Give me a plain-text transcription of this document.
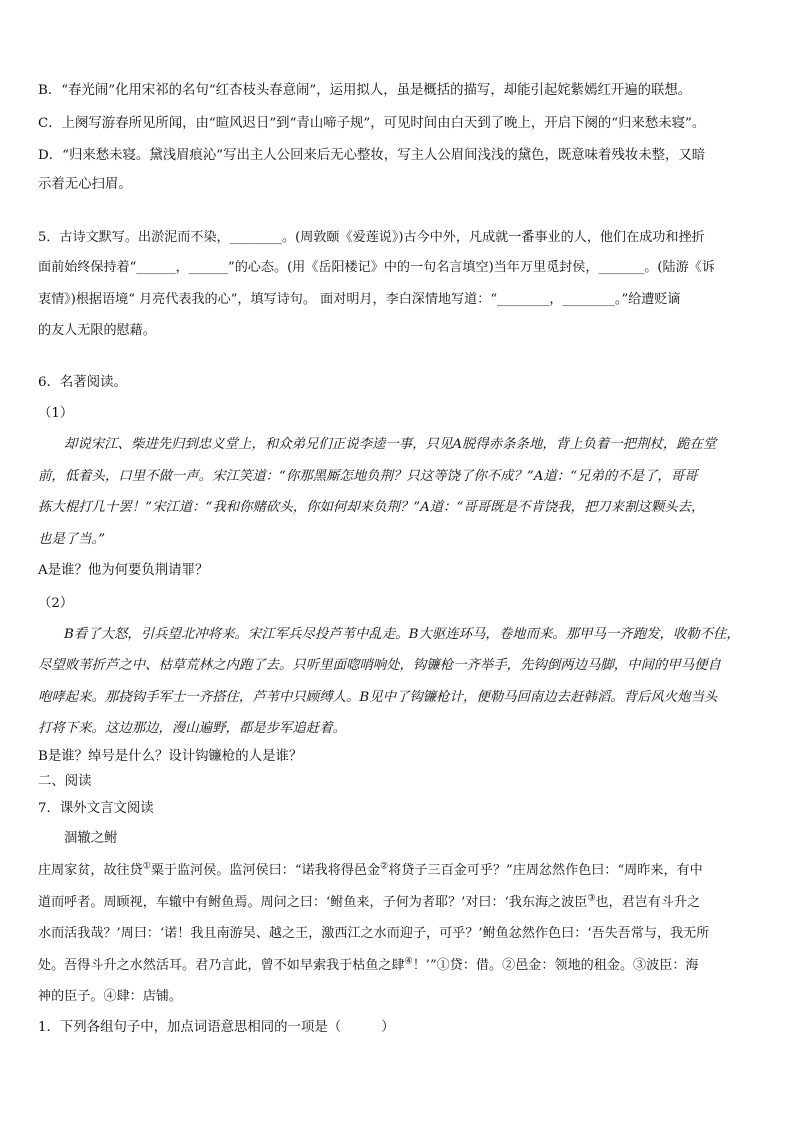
B．“春光闹”化用宋祁的名句“红杏枝头春意闹”，运用拟人，虽是概括的描写，却能引起姹紫嫣红开遍的联想。
C．上阕写游春所见所闻，由“暄风迟日”到“青山啼子规”，可见时间由白天到了晚上，开启下阕的“归来愁未寝”。
D．“归来愁未寝。黛浅眉痕沁”写出主人公回来后无心整妆，写主人公眉间浅浅的黛色，既意味着残妆未整，又暗
示着无心扫眉。
5．古诗文默写。出淤泥而不染，________。(周敦颐《爱莲说》)古今中外，凡成就一番事业的人，他们在成功和挫折
面前始终保持着“______，______”的心态。(用《岳阳楼记》中的一句名言填空)当年万里觅封侯，_______。(陆游《诉
衷情》)根据语境“ 月亮代表我的心”，填写诗句。 面对明月，李白深情地写道：“________，________。”给遭贬谪
的友人无限的慰藉。
6．名著阅读。
（1）
却说宋江、柴进先归到忠义堂上，和众弟兄们正说李逵一事，只见A脱得赤条条地，背上负着一把荆杖，跪在堂
前，低着头，口里不做一声。宋江笑道：“你那黑厮怎地负荆？只这等饶了你不成？”A道：“兄弟的不是了，哥哥
拣大棍打几十罢！”宋江道：“我和你赌砍头，你如何却来负荆？”A道：“哥哥既是不肯饶我，把刀来割这颗头去，
也是了当。”
A是谁？他为何要负荆请罪？
（2）
B看了大怒，引兵望北冲将来。宋江军兵尽投芦苇中乱走。B大驱连环马，卷地而来。那甲马一齐跑发，收勒不住，
尽望败苇折芦之中、枯草荒林之内跑了去。只听里面唿哨响处，钩镰枪一齐举手，先钩倒两边马脚，中间的甲马便自
咆哮起来。那挠钩手军士一齐搭住，芦苇中只顾缚人。B见中了钩镰枪计，便勒马回南边去赶韩滔。背后风火炮当头
打将下来。这边那边，漫山遍野，都是步军追赶着。
B是谁？绰号是什么？设计钩镰枪的人是谁？
二、阅读
7．课外文言文阅读
涸辙之鲋
庄周家贫，故往贷①粟于监河侯。监河侯曰：“诺我将得邑金②将贷子三百金可乎？”庄周忿然作色曰：“周昨来，有中
道而呼者。周顾视，车辙中有鲋鱼焉。周问之曰：‘鲋鱼来，子何为者耶？’对曰：‘我东海之波臣③也，君岂有斗升之
水而活我哉？’周曰：‘诺！我且南游吴、越之王，激西江之水而迎子，可乎？’鲋鱼忿然作色曰：‘吾失吾常与，我无所
处。吾得斗升之水然活耳。君乃言此，曾不如早索我于枯鱼之肆④！’”①贷：借。②邑金：领地的租金。③波臣：海
神的臣子。④肆：店铺。
1．下列各组句子中，加点词语意思相同的一项是（　　　）
